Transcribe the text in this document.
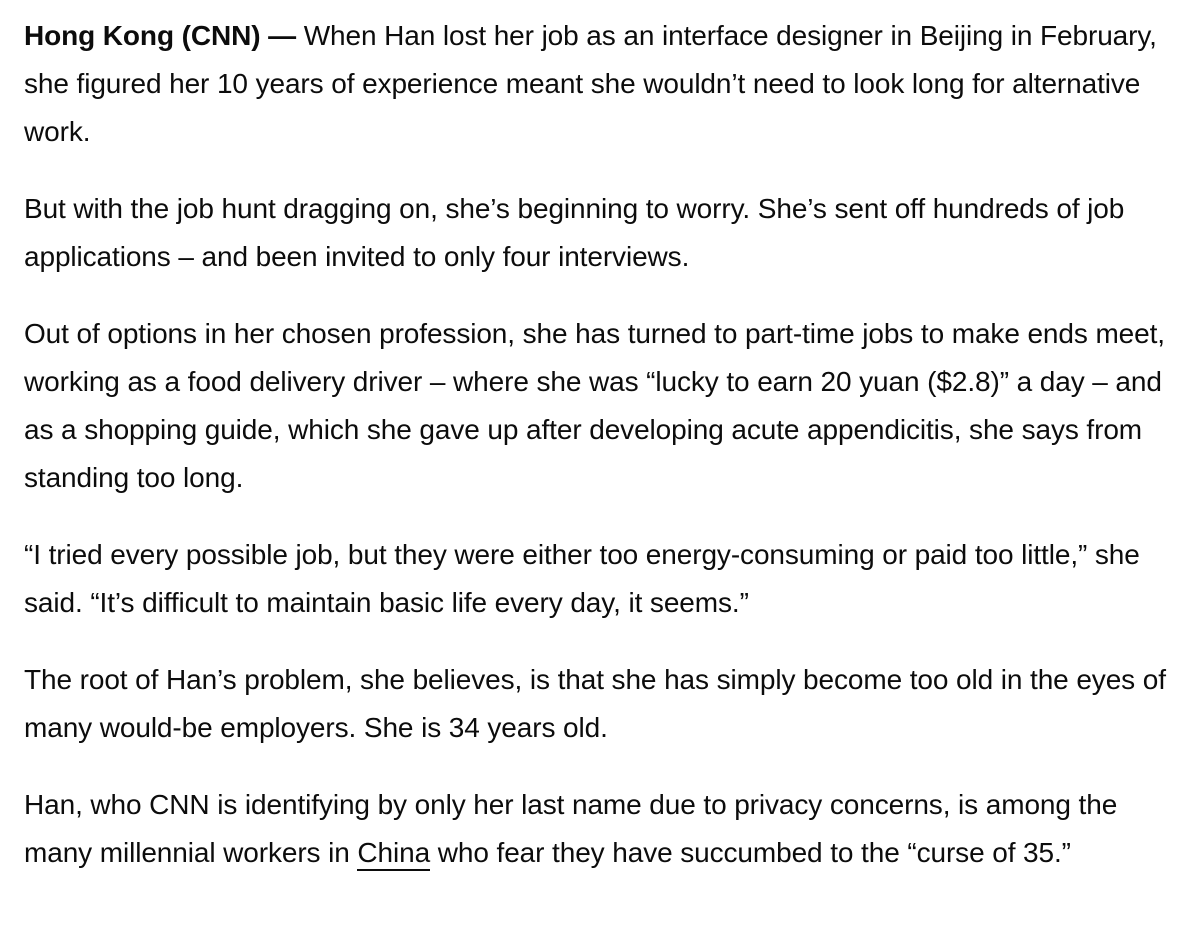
Hong Kong (CNN) — When Han lost her job as an interface designer in Beijing in February, she figured her 10 years of experience meant she wouldn’t need to look long for alternative work.

But with the job hunt dragging on, she’s beginning to worry. She’s sent off hundreds of job applications – and been invited to only four interviews.

Out of options in her chosen profession, she has turned to part-time jobs to make ends meet, working as a food delivery driver – where she was “lucky to earn 20 yuan ($2.8)” a day – and as a shopping guide, which she gave up after developing acute appendicitis, she says from standing too long.

“I tried every possible job, but they were either too energy-consuming or paid too little,” she said. “It’s difficult to maintain basic life every day, it seems.”

The root of Han’s problem, she believes, is that she has simply become too old in the eyes of many would-be employers. She is 34 years old.

Han, who CNN is identifying by only her last name due to privacy concerns, is among the many millennial workers in China who fear they have succumbed to the “curse of 35.”
